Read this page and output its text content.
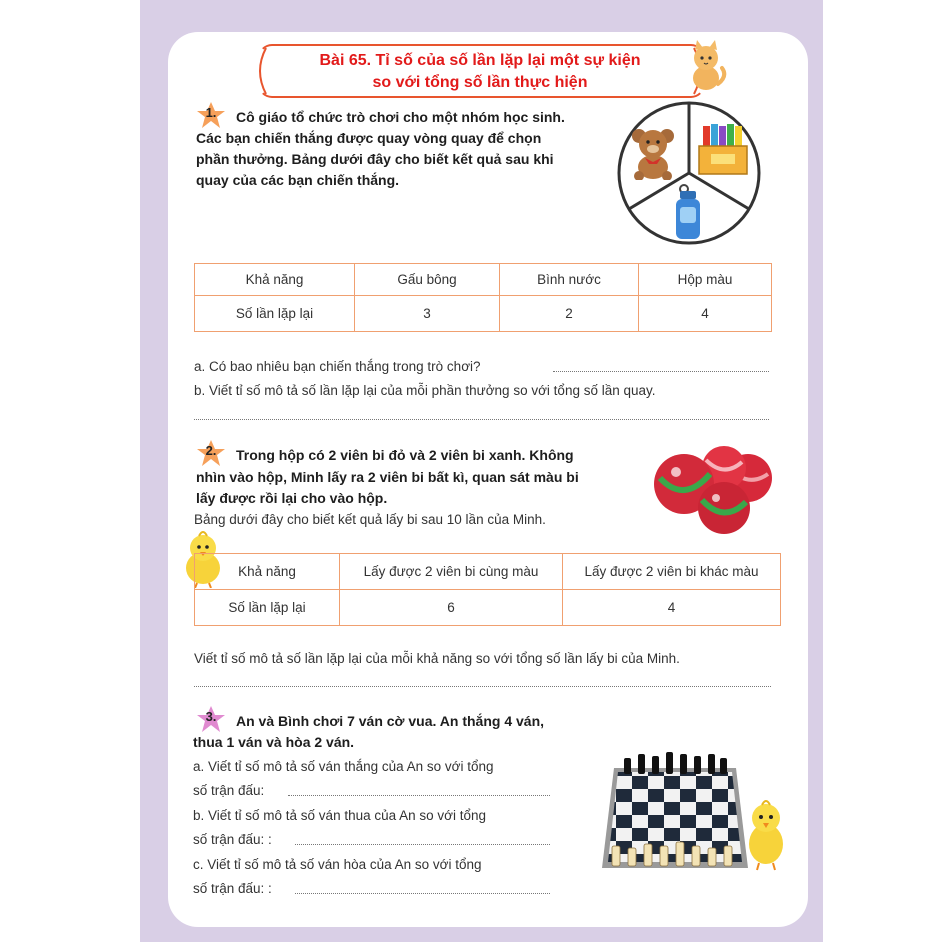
Bài 65. Tỉ số của số lần lặp lại một sự kiện
so với tổng số lần thực hiện
1.	Cô giáo tổ chức trò chơi cho một nhóm học sinh.
Các bạn chiến thắng được quay vòng quay để chọn
phần thưởng. Bảng dưới đây cho biết kết quả sau khi
quay của các bạn chiến thắng.
Khả năng	Gấu bông	Bình nước	Hộp màu
Số lần lặp lại	3	2	4
a. Có bao nhiêu bạn chiến thắng trong trò chơi?
b. Viết tỉ số mô tả số lần lặp lại của mỗi phần thưởng so với tổng số lần quay.
2.	Trong hộp có 2 viên bi đỏ và 2 viên bi xanh. Không
nhìn vào hộp, Minh lấy ra 2 viên bi bất kì, quan sát màu bi
lấy được rồi lại cho vào hộp.
Bảng dưới đây cho biết kết quả lấy bi sau 10 lần của Minh.
Khả năng	Lấy được 2 viên bi cùng màu	Lấy được 2 viên bi khác màu
Số lần lặp lại	6	4
Viết tỉ số mô tả số lần lặp lại của mỗi khả năng so với tổng số lần lấy bi của Minh.
3.	An và Bình chơi 7 ván cờ vua. An thắng 4 ván,
thua 1 ván và hòa 2 ván.
a. Viết tỉ số mô tả số ván thắng của An so với tổng
số trận đấu:
b. Viết tỉ số mô tả số ván thua của An so với tổng
số trận đấu: :
c. Viết tỉ số mô tả số ván hòa của An so với tổng
số trận đấu: :
